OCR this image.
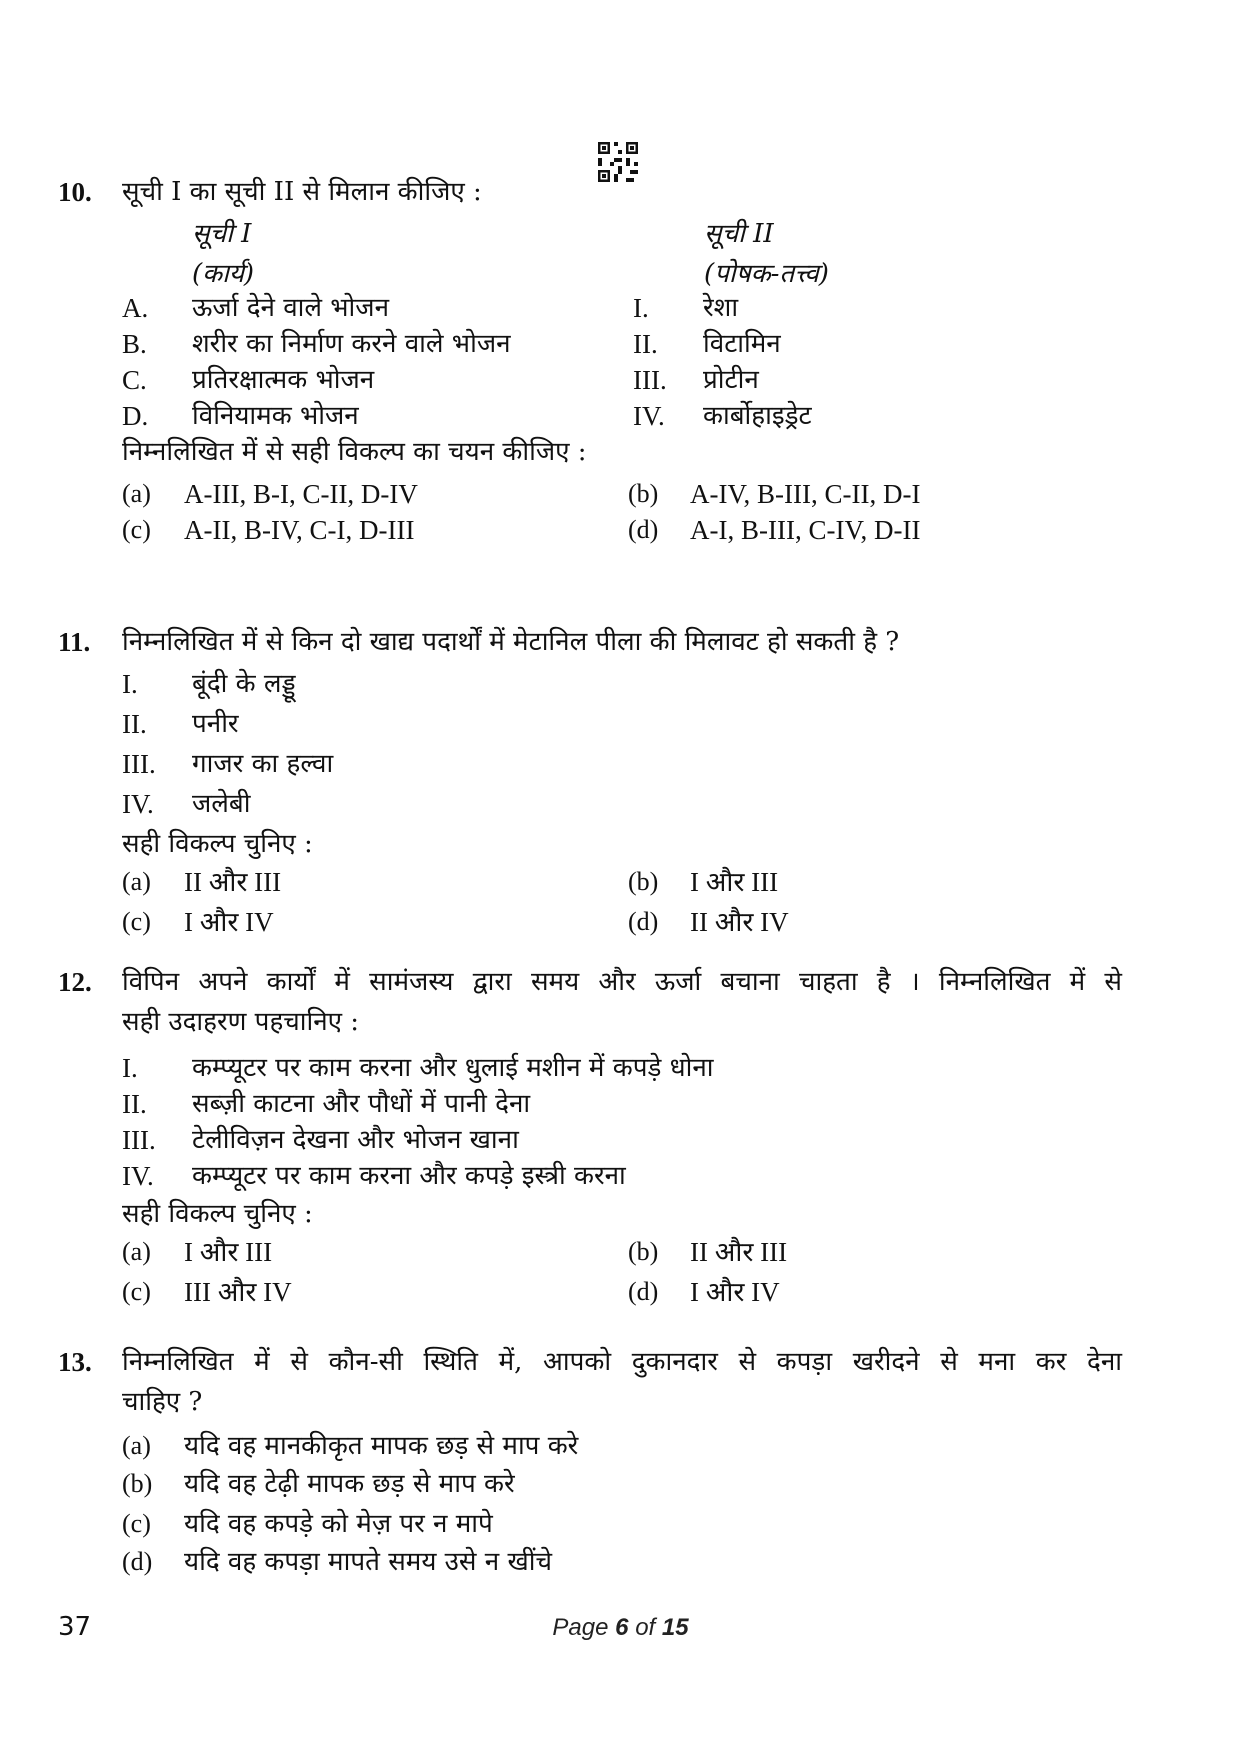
10. सूची I का सूची II से मिलान कीजिए :
सूची I	सूची II
(कार्य)	(पोषक-तत्त्व)
A. ऊर्जा देने वाले भोजन	I. रेशा
B. शरीर का निर्माण करने वाले भोजन	II. विटामिन
C. प्रतिरक्षात्मक भोजन	III. प्रोटीन
D. विनियामक भोजन	IV. कार्बोहाइड्रेट
निम्नलिखित में से सही विकल्प का चयन कीजिए :
(a) A-III, B-I, C-II, D-IV	(b) A-IV, B-III, C-II, D-I
(c) A-II, B-IV, C-I, D-III	(d) A-I, B-III, C-IV, D-II
11. निम्नलिखित में से किन दो खाद्य पदार्थों में मेटानिल पीला की मिलावट हो सकती है ?
I. बूंदी के लड्डू
II. पनीर
III. गाजर का हल्वा
IV. जलेबी
सही विकल्प चुनिए :
(a) II और III	(b) I और III
(c) I और IV	(d) II और IV
12. विपिन अपने कार्यों में सामंजस्य द्वारा समय और ऊर्जा बचाना चाहता है । निम्नलिखित में से
सही उदाहरण पहचानिए :
I. कम्प्यूटर पर काम करना और धुलाई मशीन में कपड़े धोना
II. सब्ज़ी काटना और पौधों में पानी देना
III. टेलीविज़न देखना और भोजन खाना
IV. कम्प्यूटर पर काम करना और कपड़े इस्त्री करना
सही विकल्प चुनिए :
(a) I और III	(b) II और III
(c) III और IV	(d) I और IV
13. निम्नलिखित में से कौन-सी स्थिति में, आपको दुकानदार से कपड़ा खरीदने से मना कर देना
चाहिए ?
(a) यदि वह मानकीकृत मापक छड़ से माप करे
(b) यदि वह टेढ़ी मापक छड़ से माप करे
(c) यदि वह कपड़े को मेज़ पर न मापे
(d) यदि वह कपड़ा मापते समय उसे न खींचे
37	Page 6 of 15
